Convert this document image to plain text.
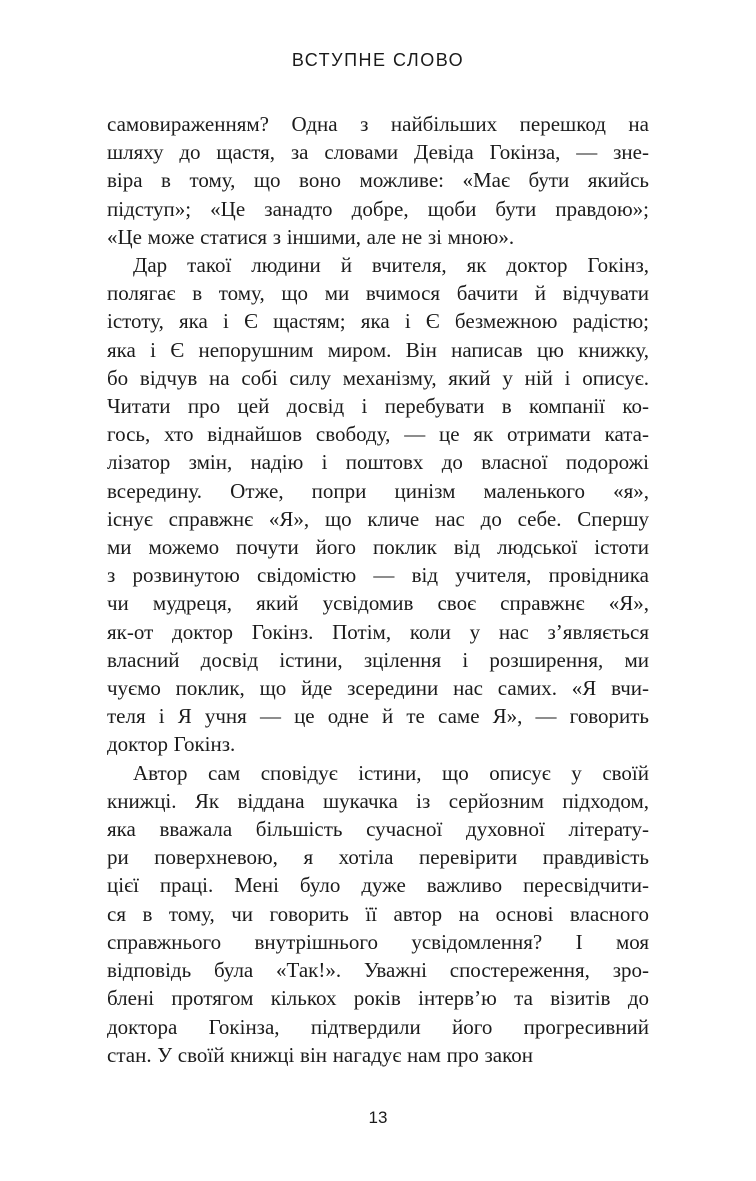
ВСТУПНЕ СЛОВО
самовираженням? Одна з найбільших перешкод на
шляху до щастя, за словами Девіда Гокінза, — зне-
віра в тому, що воно можливе: «Має бути якийсь
підступ»; «Це занадто добре, щоби бути правдою»;
«Це може статися з іншими, але не зі мною».
Дар такої людини й вчителя, як доктор Гокінз,
полягає в тому, що ми вчимося бачити й відчувати
істоту, яка і Є щастям; яка і Є безмежною радістю;
яка і Є непорушним миром. Він написав цю книжку,
бо відчув на собі силу механізму, який у ній і описує.
Читати про цей досвід і перебувати в компанії ко-
гось, хто віднайшов свободу, — це як отримати ката-
лізатор змін, надію і поштовх до власної подорожі
всередину. Отже, попри цинізм маленького «я»,
існує справжнє «Я», що кличе нас до себе. Спершу
ми можемо почути його поклик від людської істоти
з розвинутою свідомістю — від учителя, провідника
чи мудреця, який усвідомив своє справжнє «Я»,
як-от доктор Гокінз. Потім, коли у нас з’являється
власний досвід істини, зцілення і розширення, ми
чуємо поклик, що йде зсередини нас самих. «Я вчи-
теля і Я учня — це одне й те саме Я», — говорить
доктор Гокінз.
Автор сам сповідує істини, що описує у своїй
книжці. Як віддана шукачка із серйозним підходом,
яка вважала більшість сучасної духовної літерату-
ри поверхневою, я хотіла перевірити правдивість
цієї праці. Мені було дуже важливо пересвідчити-
ся в тому, чи говорить її автор на основі власного
справжнього внутрішнього усвідомлення? І моя
відповідь була «Так!». Уважні спостереження, зро-
блені протягом кількох років інтерв’ю та візитів до
доктора Гокінза, підтвердили його прогресивний
стан. У своїй книжці він нагадує нам про закон
13
